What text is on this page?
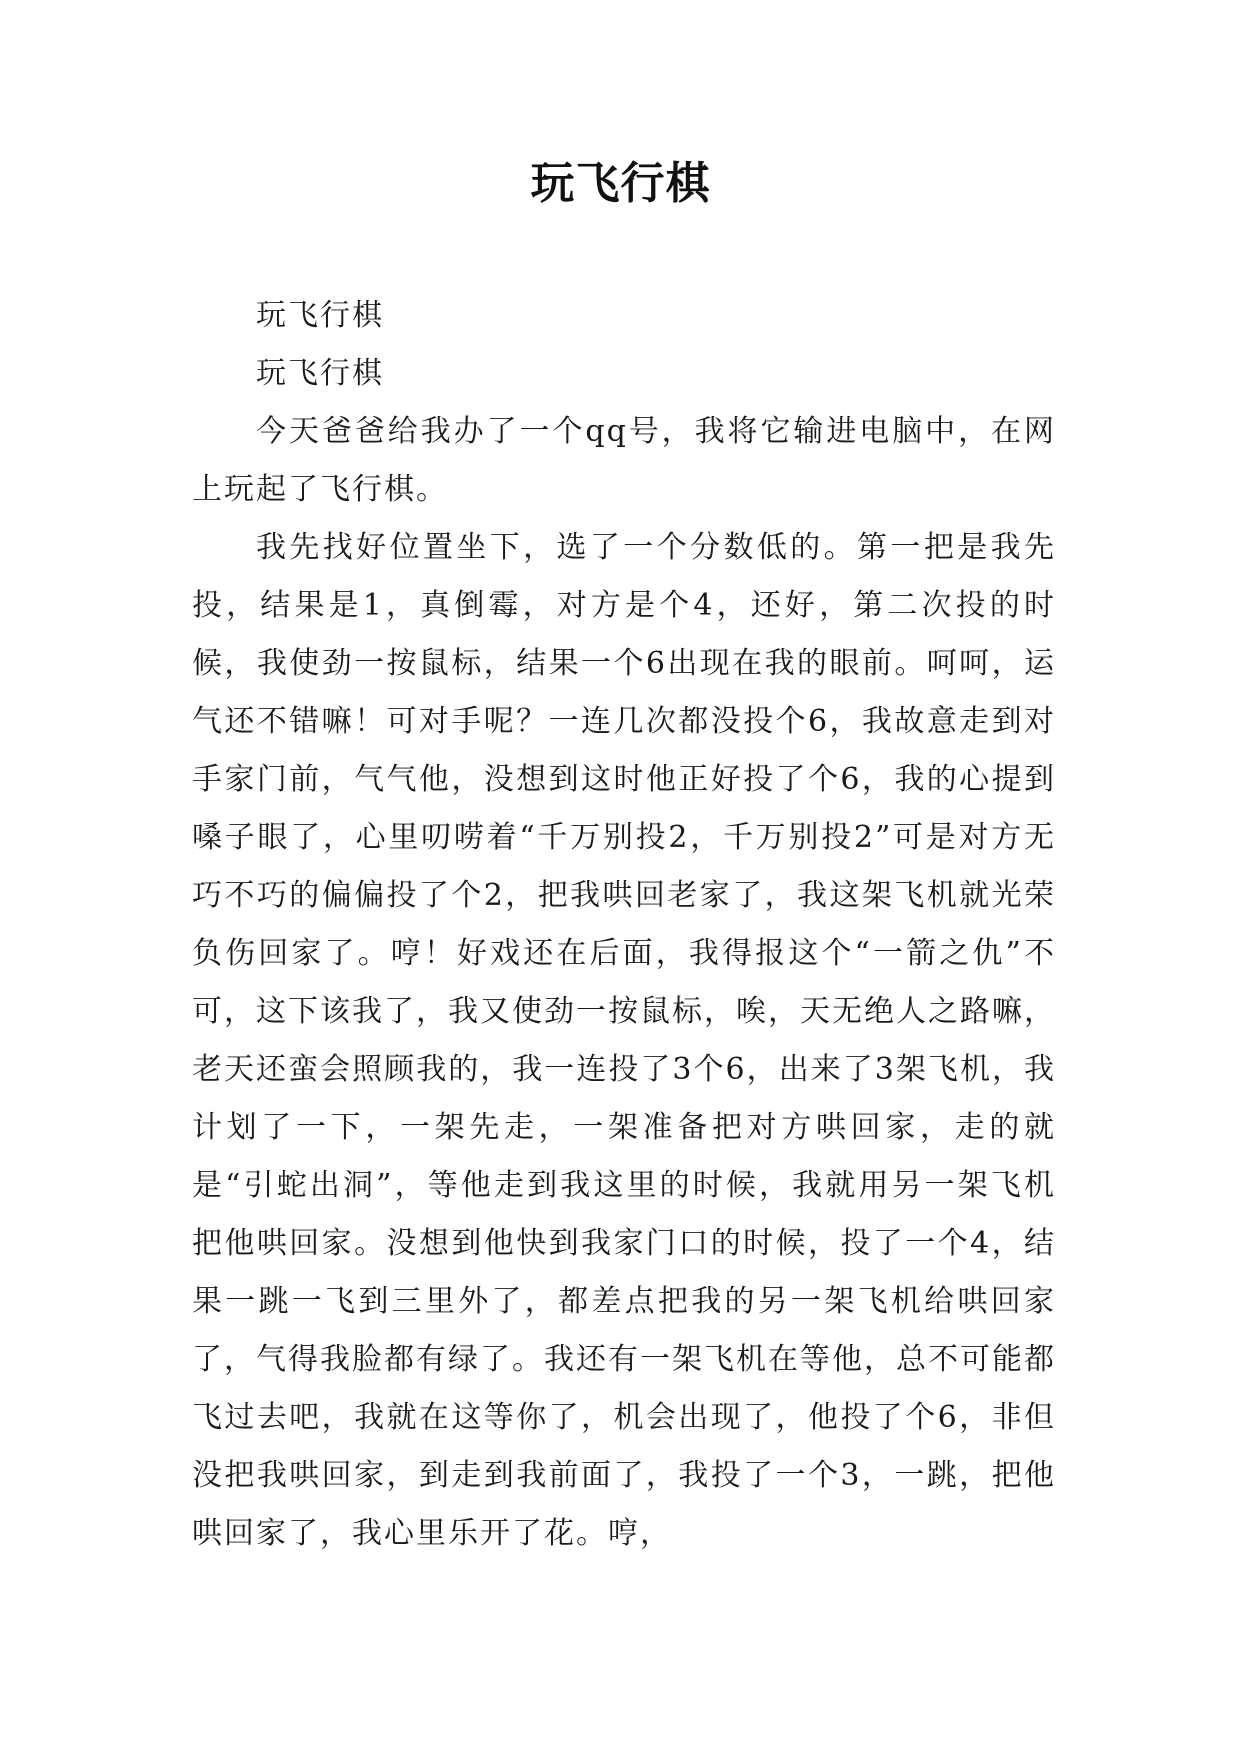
玩飞行棋

玩飞行棋

玩飞行棋

今天爸爸给我办了一个qq号，我将它输进电脑中，在网上玩起了飞行棋。

我先找好位置坐下，选了一个分数低的。第一把是我先投，结果是1，真倒霉，对方是个4，还好，第二次投的时候，我使劲一按鼠标，结果一个6出现在我的眼前。呵呵，运气还不错嘛！可对手呢？一连几次都没投个6，我故意走到对手家门前，气气他，没想到这时他正好投了个6，我的心提到嗓子眼了，心里叨唠着“千万别投2，千万别投2”可是对方无巧不巧的偏偏投了个2，把我哄回老家了，我这架飞机就光荣负伤回家了。哼！好戏还在后面，我得报这个“一箭之仇”不可，这下该我了，我又使劲一按鼠标，唉，天无绝人之路嘛，老天还蛮会照顾我的，我一连投了3个6，出来了3架飞机，我计划了一下，一架先走，一架准备把对方哄回家，走的就是“引蛇出洞”，等他走到我这里的时候，我就用另一架飞机把他哄回家。没想到他快到我家门口的时候，投了一个4，结果一跳一飞到三里外了，都差点把我的另一架飞机给哄回家了，气得我脸都有绿了。我还有一架飞机在等他，总不可能都飞过去吧，我就在这等你了，机会出现了，他投了个6，非但没把我哄回家，到走到我前面了，我投了一个3，一跳，把他哄回家了，我心里乐开了花。哼，
